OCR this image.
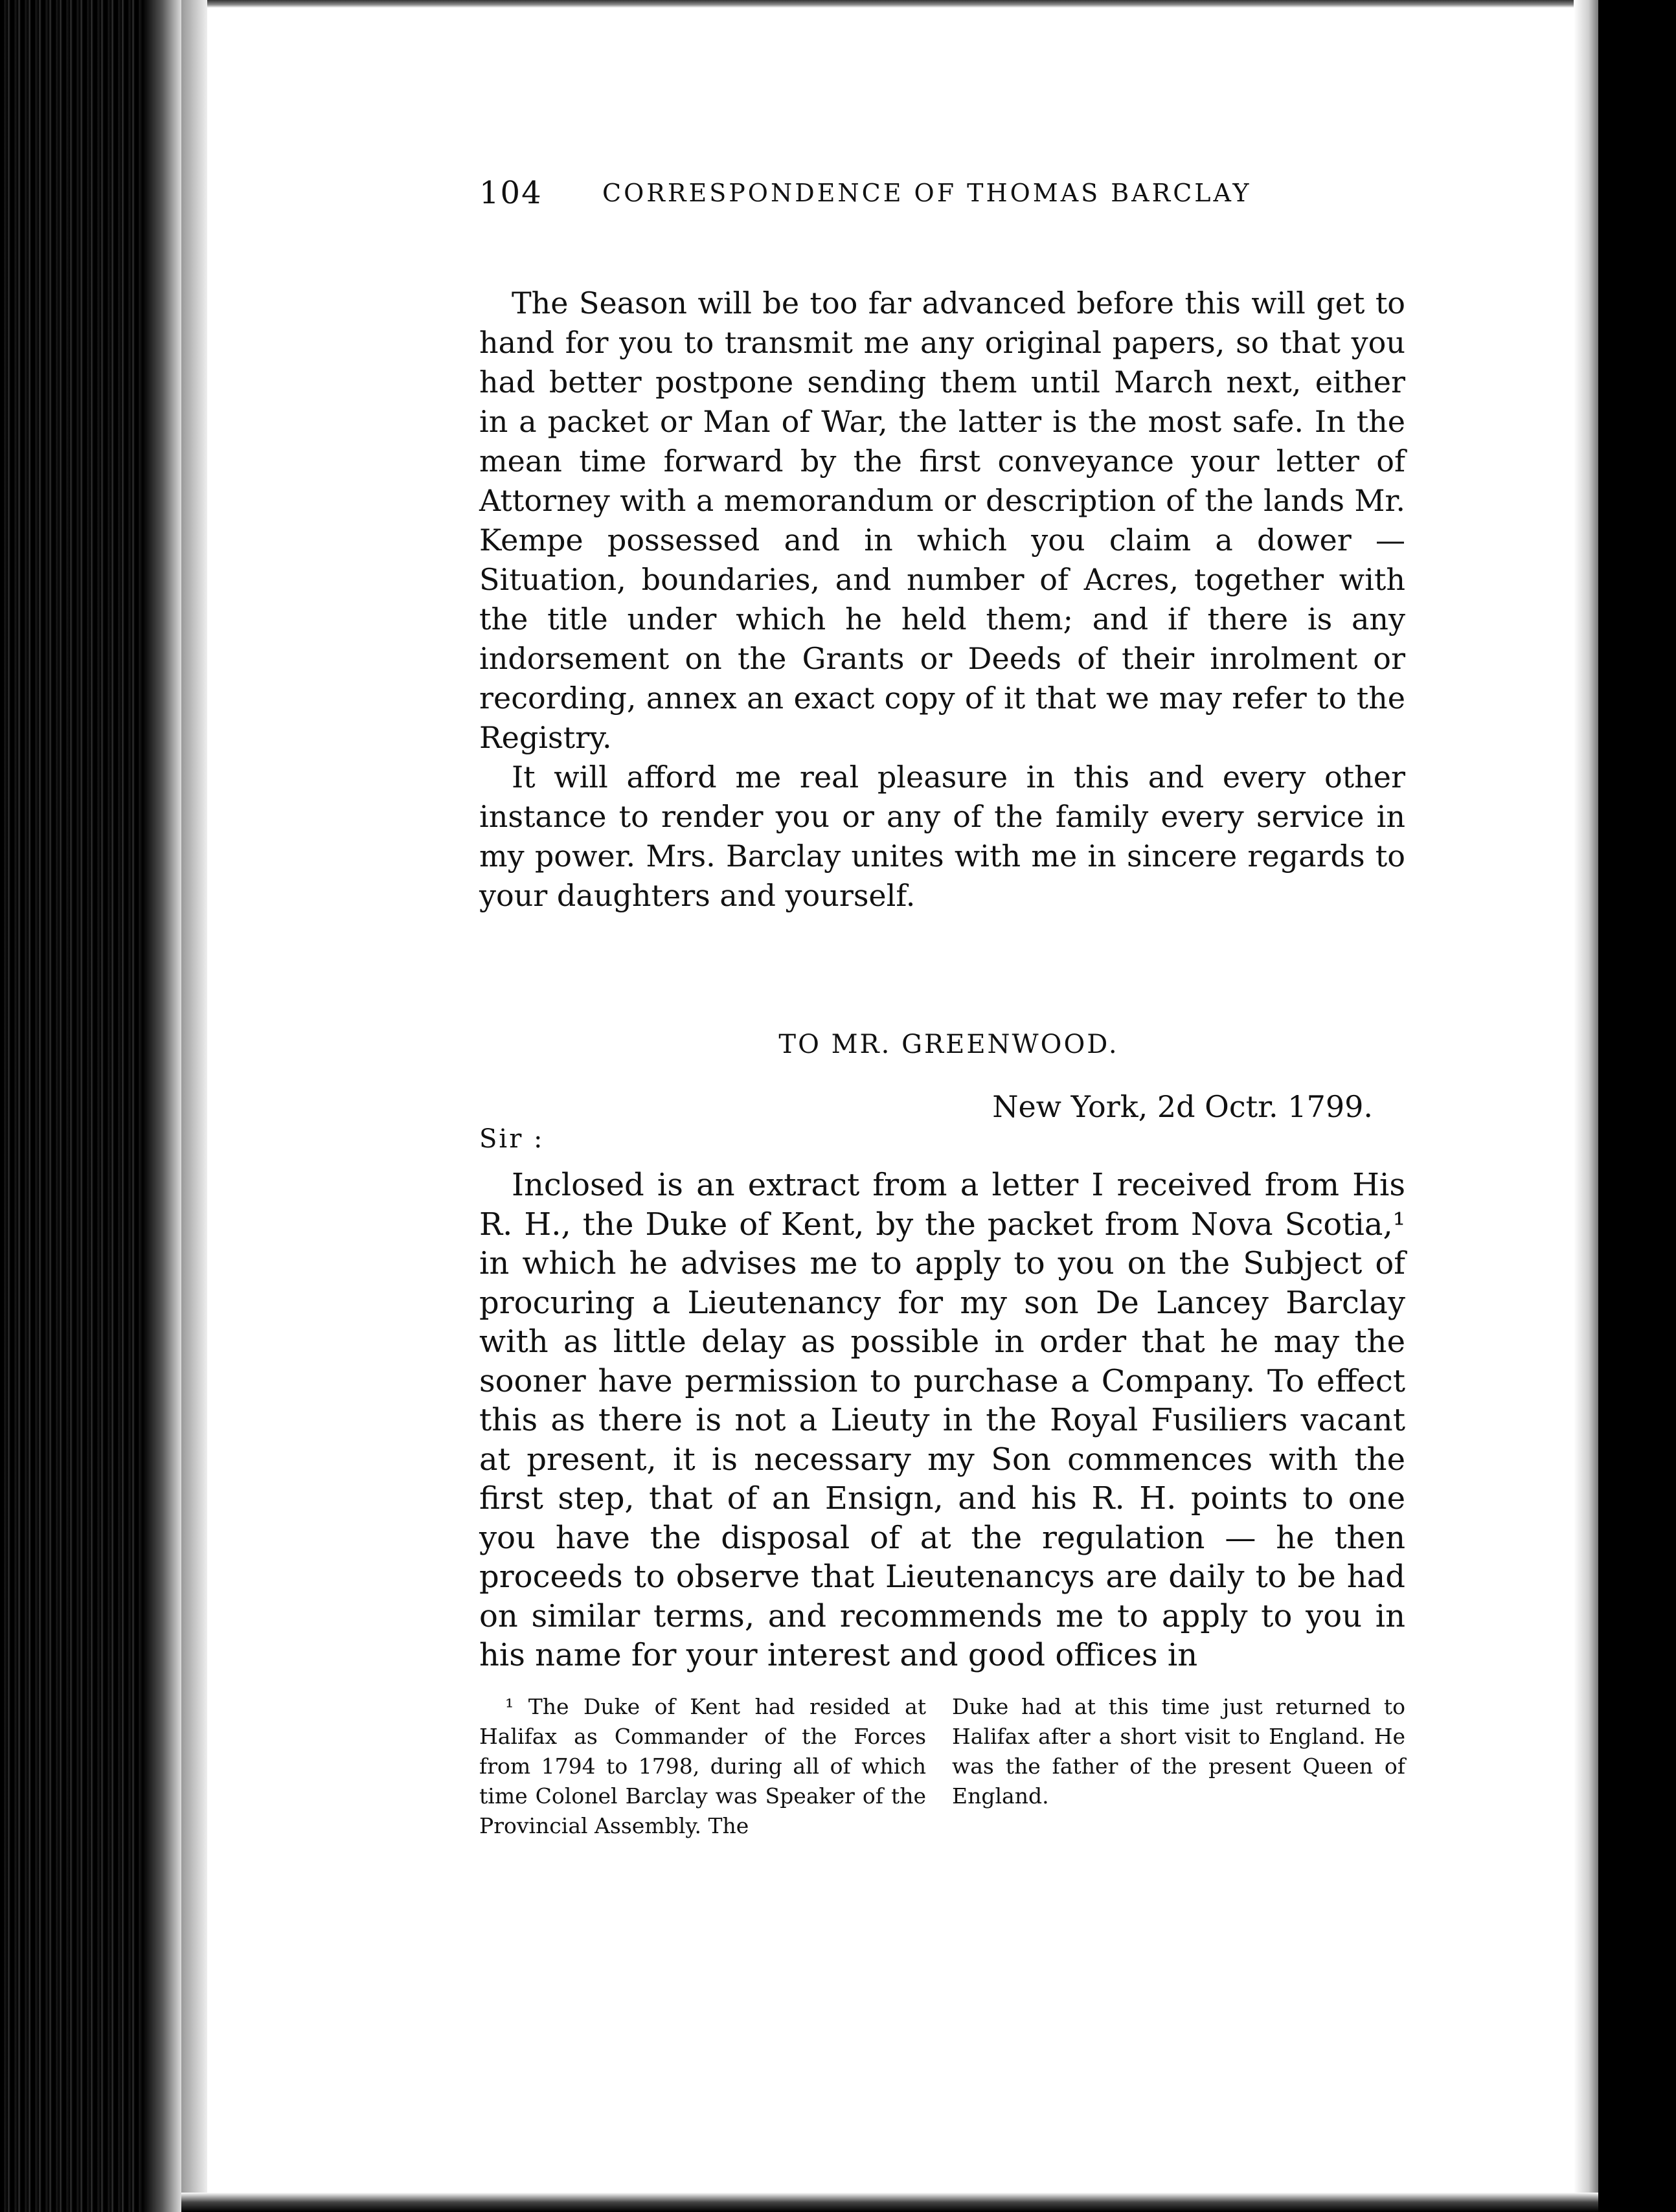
104 CORRESPONDENCE OF THOMAS BARCLAY

The Season will be too far advanced before this will get to hand for you to transmit me any original papers, so that you had better postpone sending them until March next, either in a packet or Man of War, the latter is the most safe. In the mean time forward by the first conveyance your letter of Attorney with a memorandum or description of the lands Mr. Kempe possessed and in which you claim a dower — Situation, boundaries, and number of Acres, together with the title under which he held them; and if there is any indorsement on the Grants or Deeds of their inrolment or recording, annex an exact copy of it that we may refer to the Registry.

It will afford me real pleasure in this and every other instance to render you or any of the family every service in my power. Mrs. Barclay unites with me in sincere regards to your daughters and yourself.

TO MR. GREENWOOD.
New York, 2d Octr. 1799.
Sir :

Inclosed is an extract from a letter I received from His R. H., the Duke of Kent, by the packet from Nova Scotia,¹ in which he advises me to apply to you on the Subject of procuring a Lieutenancy for my son De Lancey Barclay with as little delay as possible in order that he may the sooner have permission to purchase a Company. To effect this as there is not a Lieuty in the Royal Fusiliers vacant at present, it is necessary my Son commences with the first step, that of an Ensign, and his R. H. points to one you have the disposal of at the regulation — he then proceeds to observe that Lieutenancys are daily to be had on similar terms, and recommends me to apply to you in his name for your interest and good offices in

¹ The Duke of Kent had resided at Halifax as Commander of the Forces from 1794 to 1798, during all of which time Colonel Barclay was Speaker of the Provincial Assembly. The
Duke had at this time just returned to Halifax after a short visit to England. He was the father of the present Queen of England.
